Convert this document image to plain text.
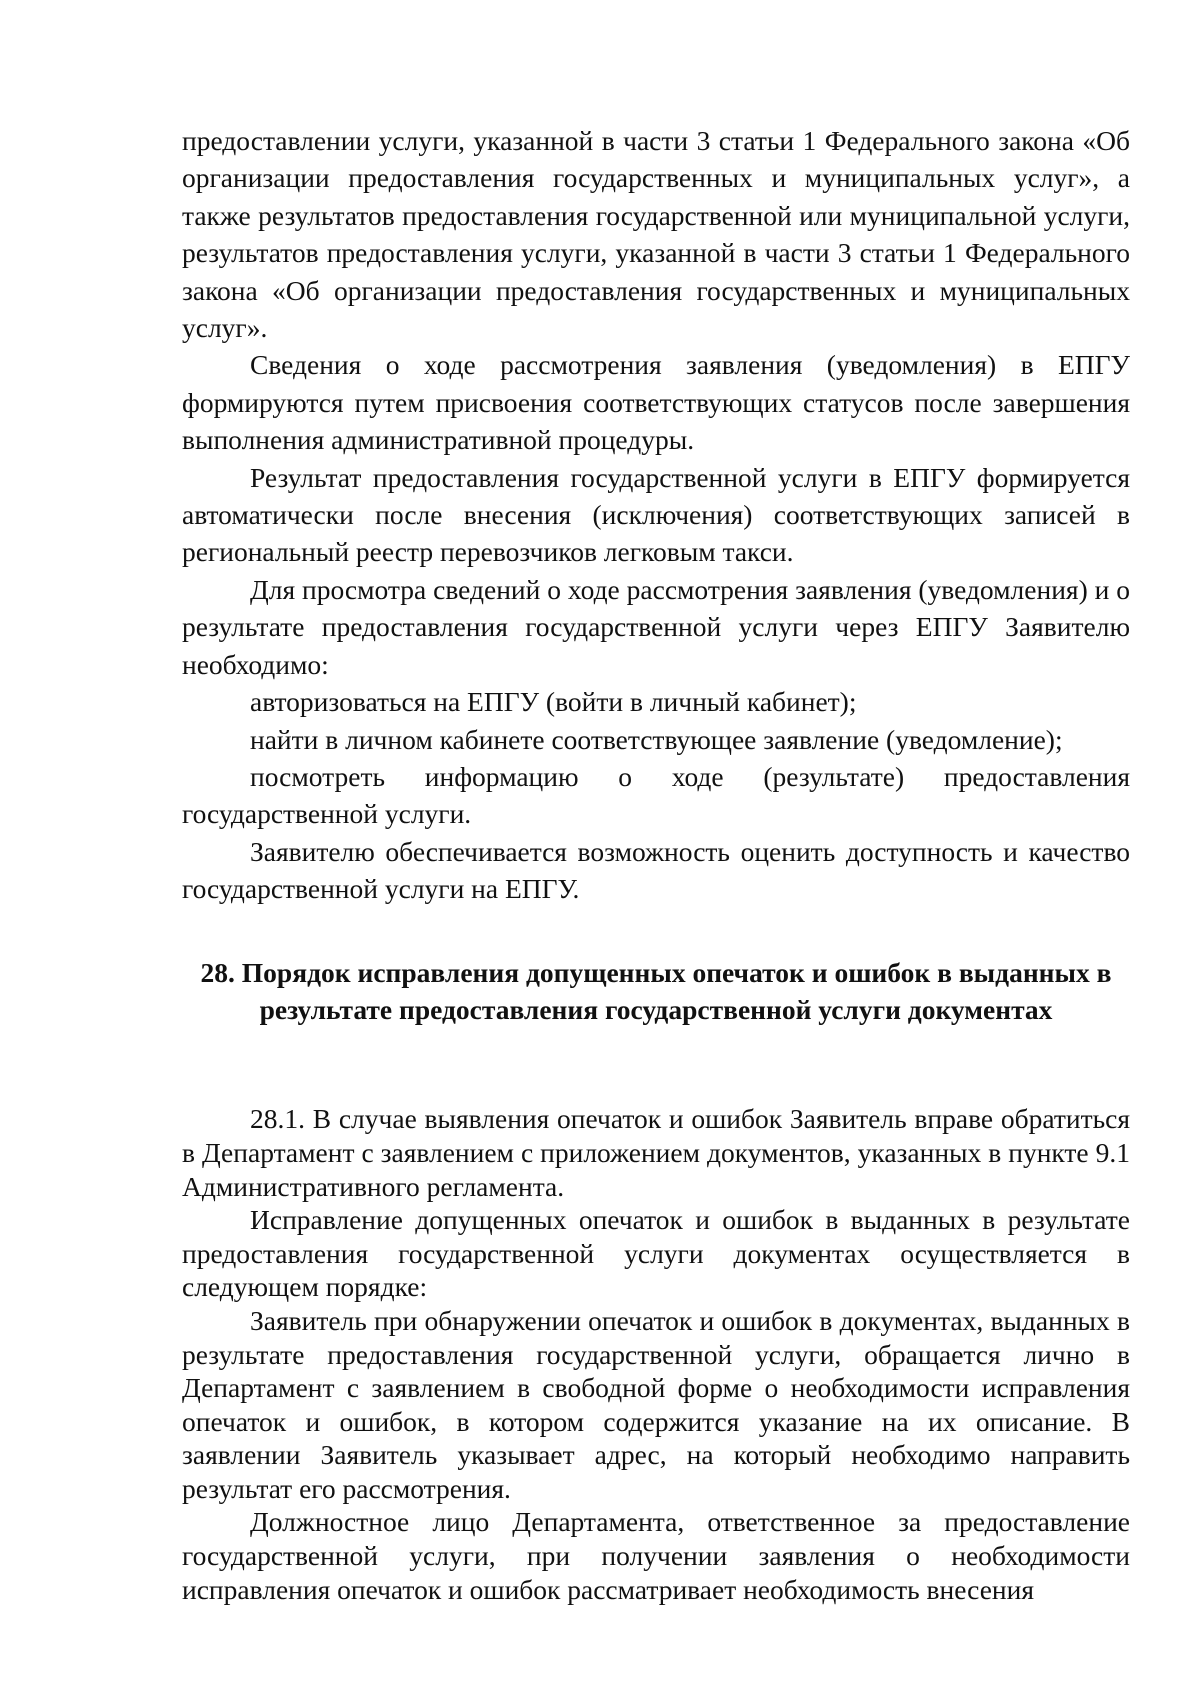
предоставлении услуги, указанной в части 3 статьи 1 Федерального закона «Об организации предоставления государственных и муниципальных услуг», а также результатов предоставления государственной или муниципальной услуги, результатов предоставления услуги, указанной в части 3 статьи 1 Федерального закона «Об организации предоставления государственных и муниципальных услуг».

Сведения о ходе рассмотрения заявления (уведомления) в ЕПГУ формируются путем присвоения соответствующих статусов после завершения выполнения административной процедуры.

Результат предоставления государственной услуги в ЕПГУ формируется автоматически после внесения (исключения) соответствующих записей в региональный реестр перевозчиков легковым такси.

Для просмотра сведений о ходе рассмотрения заявления (уведомления) и о результате предоставления государственной услуги через ЕПГУ Заявителю необходимо:

авторизоваться на ЕПГУ (войти в личный кабинет);

найти в личном кабинете соответствующее заявление (уведомление);

посмотреть информацию о ходе (результате) предоставления государственной услуги.

Заявителю обеспечивается возможность оценить доступность и качество государственной услуги на ЕПГУ.

28. Порядок исправления допущенных опечаток и ошибок в выданных в
результате предоставления государственной услуги документах

28.1. В случае выявления опечаток и ошибок Заявитель вправе обратиться в Департамент с заявлением с приложением документов, указанных в пункте 9.1 Административного регламента.

Исправление допущенных опечаток и ошибок в выданных в результате предоставления государственной услуги документах осуществляется в следующем порядке:

Заявитель при обнаружении опечаток и ошибок в документах, выданных в результате предоставления государственной услуги, обращается лично в Департамент с заявлением в свободной форме о необходимости исправления опечаток и ошибок, в котором содержится указание на их описание. В заявлении Заявитель указывает адрес, на который необходимо направить результат его рассмотрения.

Должностное лицо Департамента, ответственное за предоставление государственной услуги, при получении заявления о необходимости исправления опечаток и ошибок рассматривает необходимость внесения
